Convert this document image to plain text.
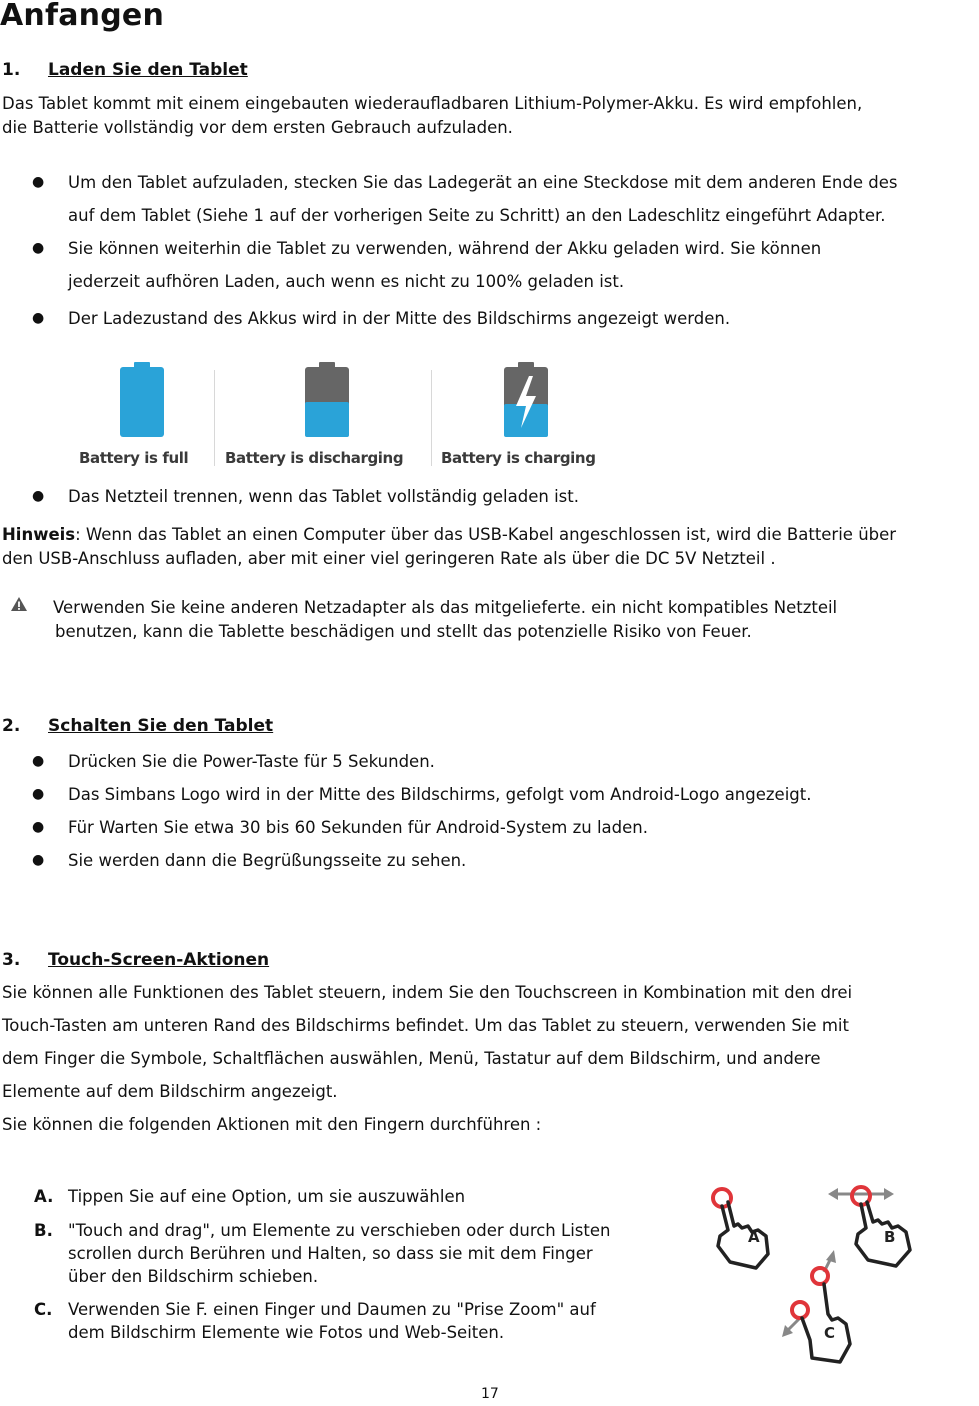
Anfangen
1. Laden Sie den Tablet
Das Tablet kommt mit einem eingebauten wiederaufladbaren Lithium-Polymer-Akku. Es wird empfohlen,
die Batterie vollständig vor dem ersten Gebrauch aufzuladen.
● Um den Tablet aufzuladen, stecken Sie das Ladegerät an eine Steckdose mit dem anderen Ende des
auf dem Tablet (Siehe 1 auf der vorherigen Seite zu Schritt) an den Ladeschlitz eingeführt Adapter.
● Sie können weiterhin die Tablet zu verwenden, während der Akku geladen wird. Sie können
jederzeit aufhören Laden, auch wenn es nicht zu 100% geladen ist.
● Der Ladezustand des Akkus wird in der Mitte des Bildschirms angezeigt werden.
Battery is full Battery is discharging	Battery is charging
● Das Netzteil trennen, wenn das Tablet vollständig geladen ist.
Hinweis: Wenn das Tablet an einen Computer über das USB-Kabel angeschlossen ist, wird die Batterie über
den USB-Anschluss aufladen, aber mit einer viel geringeren Rate als über die DC 5V Netzteil .
Verwenden Sie keine anderen Netzadapter als das mitgelieferte. ein nicht kompatibles Netzteil
benutzen, kann die Tablette beschädigen und stellt das potenzielle Risiko von Feuer.
2. Schalten Sie den Tablet
● Drücken Sie die Power-Taste für 5 Sekunden.
● Das Simbans Logo wird in der Mitte des Bildschirms, gefolgt vom Android-Logo angezeigt.
● Für Warten Sie etwa 30 bis 60 Sekunden für Android-System zu laden.
● Sie werden dann die Begrüßungsseite zu sehen.
3. Touch-Screen-Aktionen
Sie können alle Funktionen des Tablet steuern, indem Sie den Touchscreen in Kombination mit den drei
Touch-Tasten am unteren Rand des Bildschirms befindet. Um das Tablet zu steuern, verwenden Sie mit
dem Finger die Symbole, Schaltflächen auswählen, Menü, Tastatur auf dem Bildschirm, und andere
Elemente auf dem Bildschirm angezeigt.
Sie können die folgenden Aktionen mit den Fingern durchführen :
A. Tippen Sie auf eine Option, um sie auszuwählen
B. "Touch and drag", um Elemente zu verschieben oder durch Listen
scrollen durch Berühren und Halten, so dass sie mit dem Finger
über den Bildschirm schieben.
C. Verwenden Sie F. einen Finger und Daumen zu "Prise Zoom" auf
dem Bildschirm Elemente wie Fotos und Web-Seiten.
A	B
C
17
